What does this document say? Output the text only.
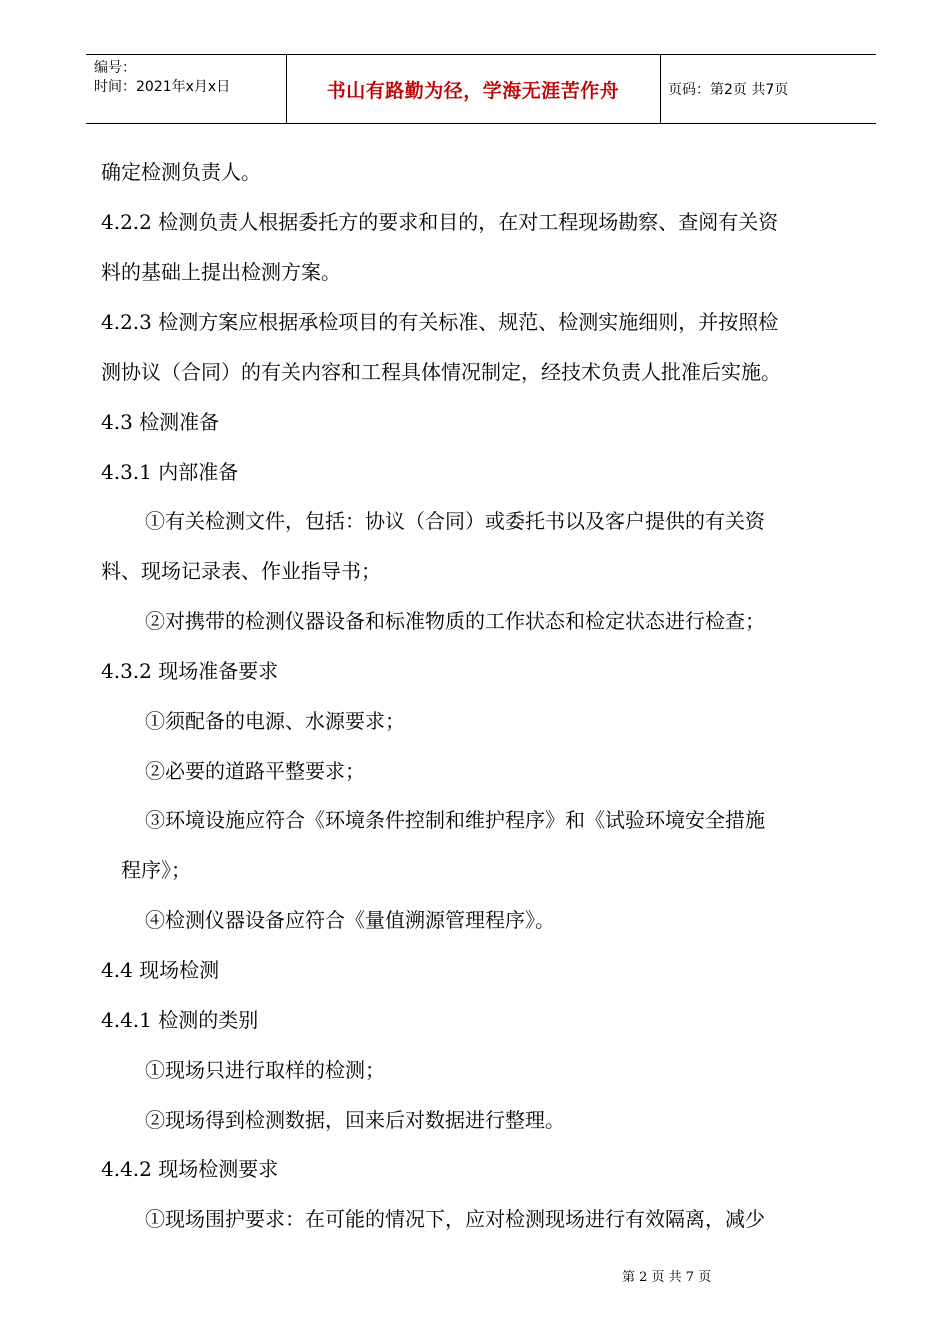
编号：
时间：2021年x月x日	书山有路勤为径，学海无涯苦作舟	页码：第2页 共7页
确定检测负责人。
4.2.2 检测负责人根据委托方的要求和目的，在对工程现场勘察、查阅有关资
料的基础上提出检测方案。
4.2.3 检测方案应根据承检项目的有关标准、规范、检测实施细则，并按照检
测协议（合同）的有关内容和工程具体情况制定，经技术负责人批准后实施。
4.3 检测准备
4.3.1 内部准备
①有关检测文件，包括：协议（合同）或委托书以及客户提供的有关资
料、现场记录表、作业指导书；
②对携带的检测仪器设备和标准物质的工作状态和检定状态进行检查；
4.3.2 现场准备要求
①须配备的电源、水源要求；
②必要的道路平整要求；
③环境设施应符合《环境条件控制和维护程序》和《试验环境安全措施
程序》；
④检测仪器设备应符合《量值溯源管理程序》。
4.4 现场检测
4.4.1 检测的类别
①现场只进行取样的检测；
②现场得到检测数据，回来后对数据进行整理。
4.4.2 现场检测要求
①现场围护要求：在可能的情况下，应对检测现场进行有效隔离，减少
第 2 页 共 7 页
